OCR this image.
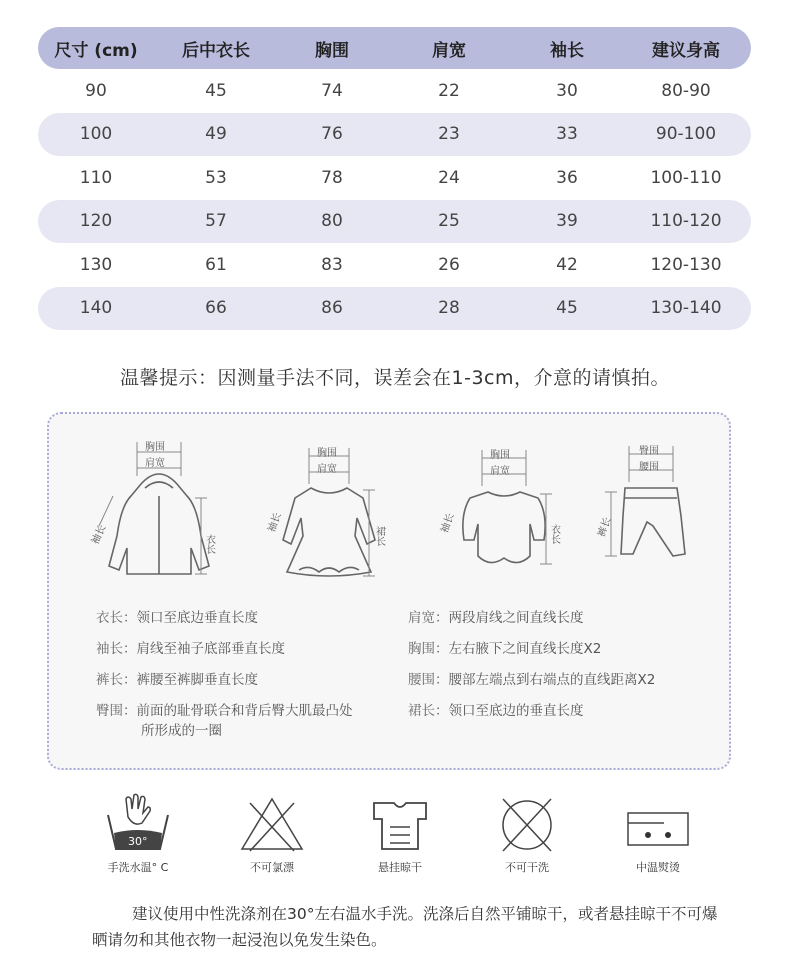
尺寸 (cm)	后中衣长	胸围	肩宽	袖长	建议身高
90	45	74	22	30	80-90
100	49	76	23	33	90-100
110	53	78	24	36	100-110
120	57	80	25	39	110-120
130	61	83	26	42	120-130
140	66	86	28	45	130-140
温馨提示：因测量手法不同，误差会在1-3cm，介意的请慎拍。
胸围
肩宽
袖长	衣长
胸围
肩宽
袖长
裙长
胸围
肩宽
袖长	衣长
臀围
腰围
裤长
衣长：领口至底边垂直长度
袖长：肩线至袖子底部垂直长度
裤长：裤腰至裤脚垂直长度
臀围：前面的耻骨联合和背后臀大肌最凸处
所形成的一圈
肩宽：两段肩线之间直线长度
胸围：左右腋下之间直线长度X2
腰围：腰部左端点到右端点的直线距离X2
裙长：领口至底边的垂直长度
30°
手洗水温° C	不可氯漂	悬挂晾干	不可干洗	中温熨烫
建议使用中性洗涤剂在30°左右温水手洗。洗涤后自然平铺晾干，或者悬挂晾干不可爆晒请勿和其他衣物一起浸泡以免发生染色。
